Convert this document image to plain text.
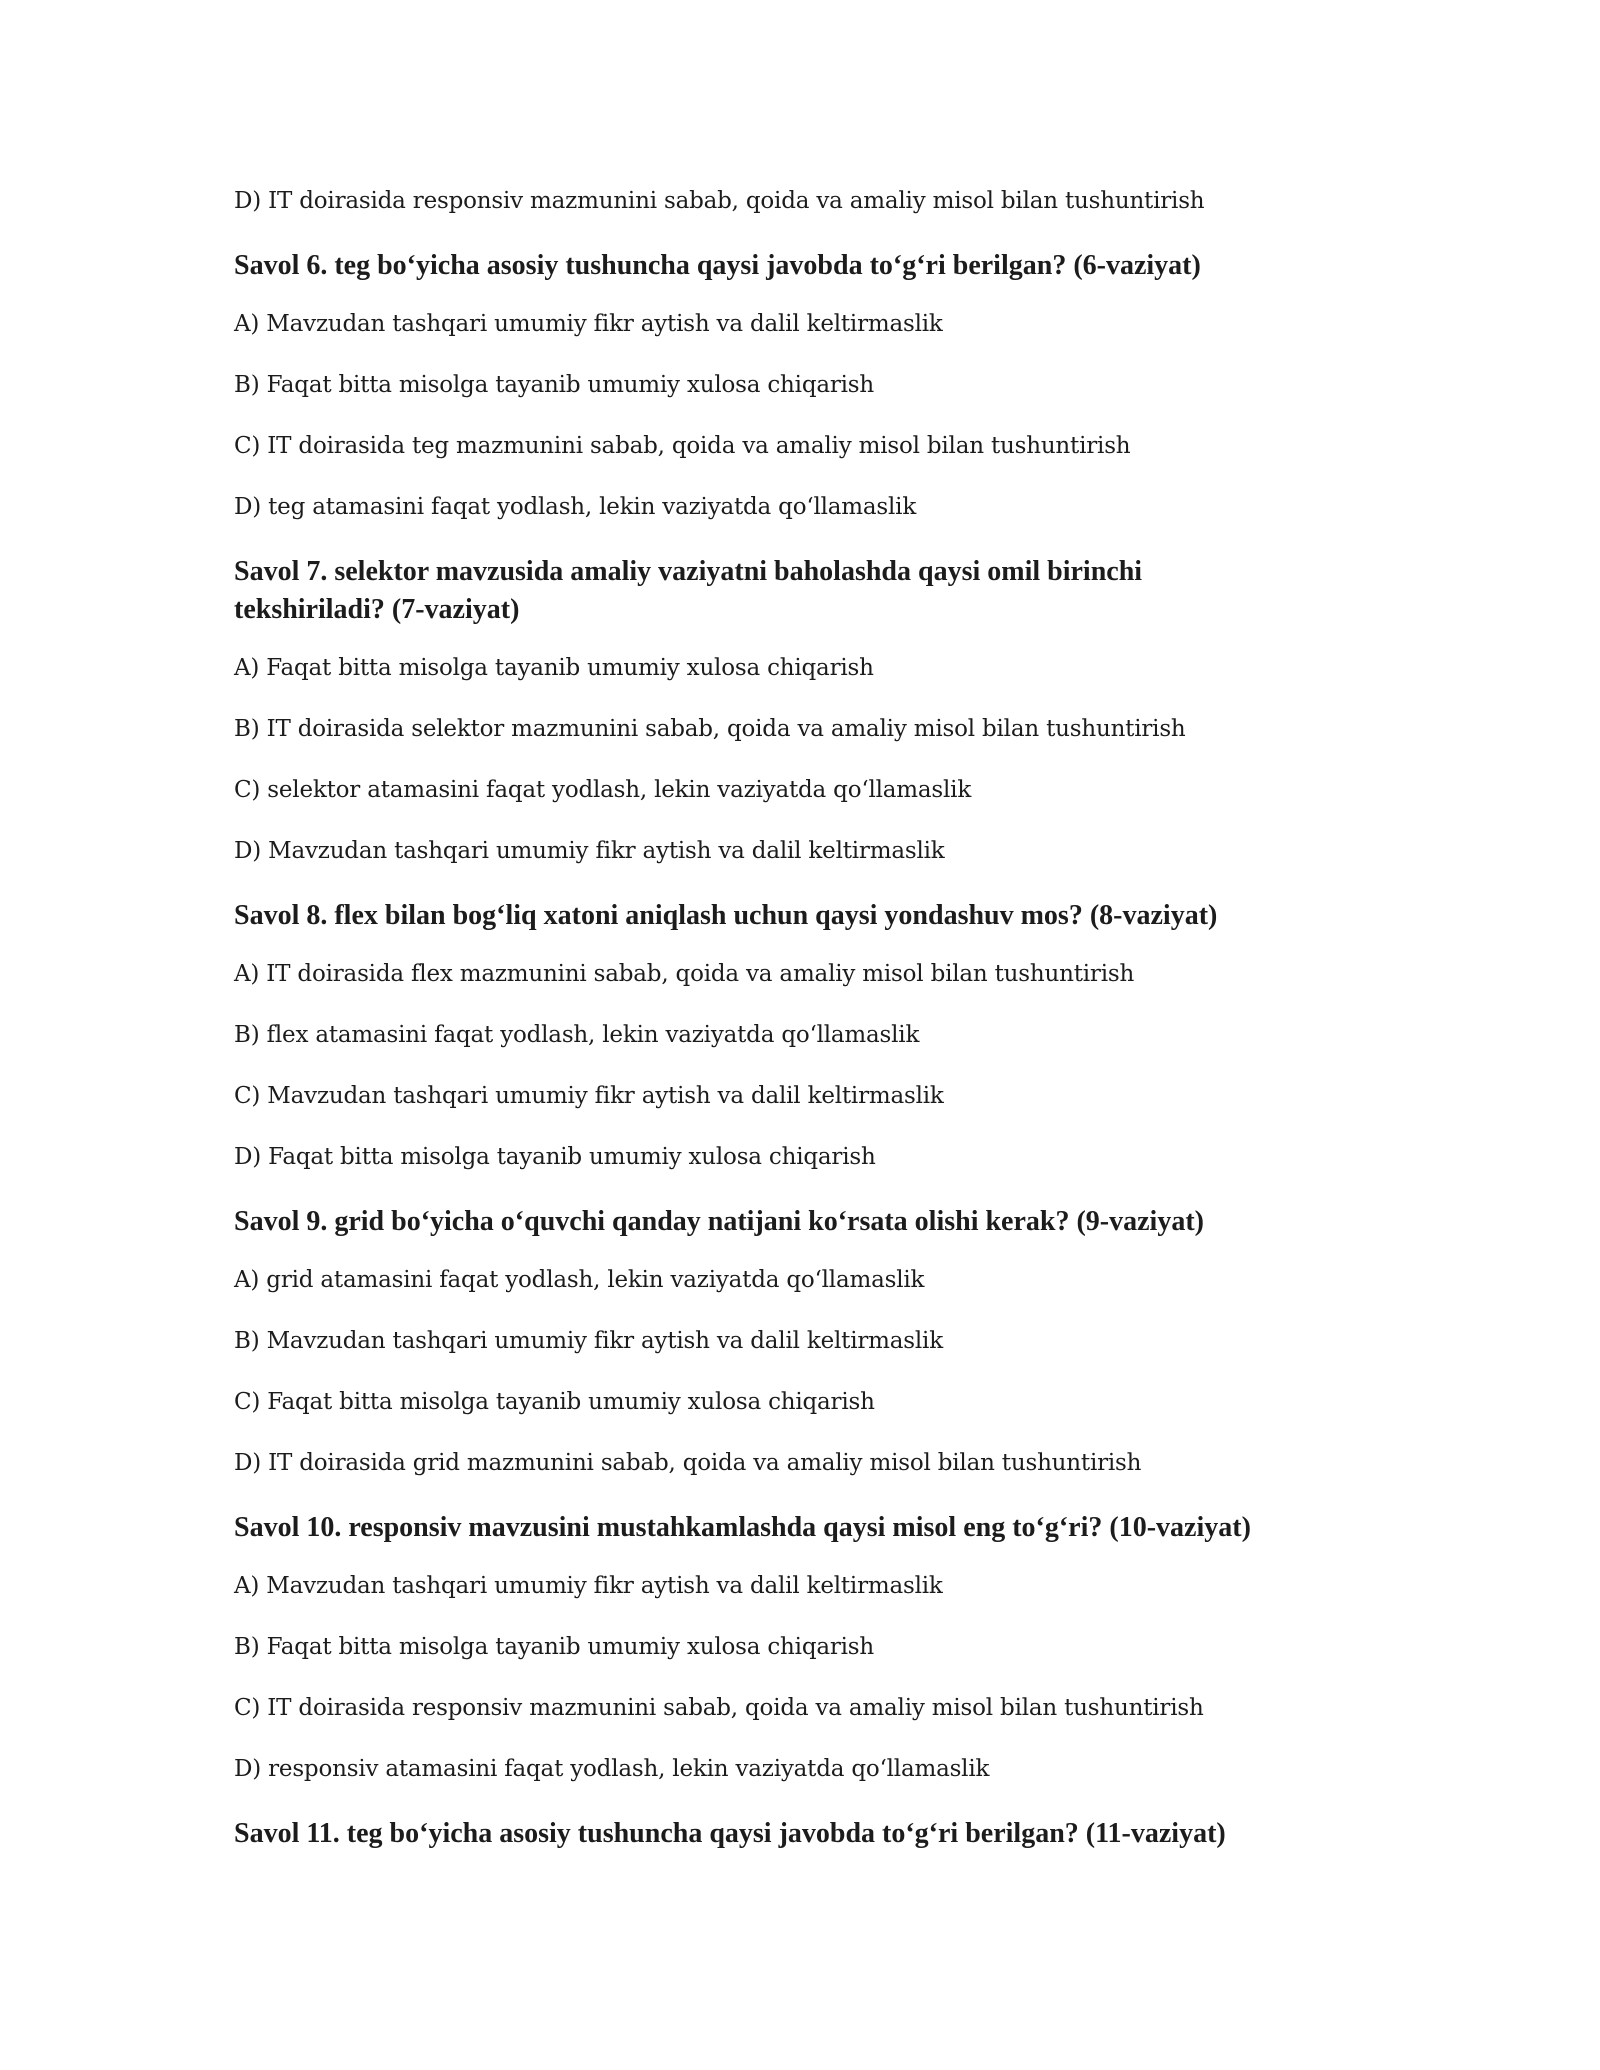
D) IT doirasida responsiv mazmunini sabab, qoida va amaliy misol bilan tushuntirish
Savol 6. teg bo‘yicha asosiy tushuncha qaysi javobda to‘g‘ri berilgan? (6-vaziyat)
A) Mavzudan tashqari umumiy fikr aytish va dalil keltirmaslik
B) Faqat bitta misolga tayanib umumiy xulosa chiqarish
C) IT doirasida teg mazmunini sabab, qoida va amaliy misol bilan tushuntirish
D) teg atamasini faqat yodlash, lekin vaziyatda qo‘llamaslik
Savol 7. selektor mavzusida amaliy vaziyatni baholashda qaysi omil birinchi tekshiriladi? (7-vaziyat)
A) Faqat bitta misolga tayanib umumiy xulosa chiqarish
B) IT doirasida selektor mazmunini sabab, qoida va amaliy misol bilan tushuntirish
C) selektor atamasini faqat yodlash, lekin vaziyatda qo‘llamaslik
D) Mavzudan tashqari umumiy fikr aytish va dalil keltirmaslik
Savol 8. flex bilan bog‘liq xatoni aniqlash uchun qaysi yondashuv mos? (8-vaziyat)
A) IT doirasida flex mazmunini sabab, qoida va amaliy misol bilan tushuntirish
B) flex atamasini faqat yodlash, lekin vaziyatda qo‘llamaslik
C) Mavzudan tashqari umumiy fikr aytish va dalil keltirmaslik
D) Faqat bitta misolga tayanib umumiy xulosa chiqarish
Savol 9. grid bo‘yicha o‘quvchi qanday natijani ko‘rsata olishi kerak? (9-vaziyat)
A) grid atamasini faqat yodlash, lekin vaziyatda qo‘llamaslik
B) Mavzudan tashqari umumiy fikr aytish va dalil keltirmaslik
C) Faqat bitta misolga tayanib umumiy xulosa chiqarish
D) IT doirasida grid mazmunini sabab, qoida va amaliy misol bilan tushuntirish
Savol 10. responsiv mavzusini mustahkamlashda qaysi misol eng to‘g‘ri? (10-vaziyat)
A) Mavzudan tashqari umumiy fikr aytish va dalil keltirmaslik
B) Faqat bitta misolga tayanib umumiy xulosa chiqarish
C) IT doirasida responsiv mazmunini sabab, qoida va amaliy misol bilan tushuntirish
D) responsiv atamasini faqat yodlash, lekin vaziyatda qo‘llamaslik
Savol 11. teg bo‘yicha asosiy tushuncha qaysi javobda to‘g‘ri berilgan? (11-vaziyat)
